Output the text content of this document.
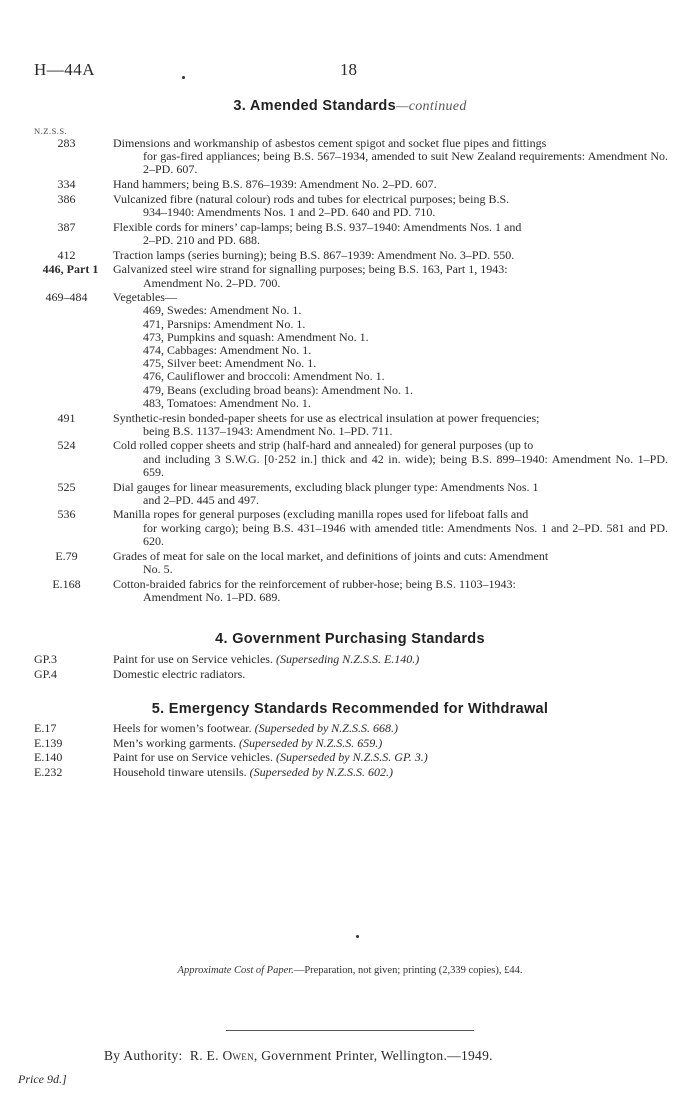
H—44A	18
3. Amended Standards—continued
N.Z.S.S.
283	Dimensions and workmanship of asbestos cement spigot and socket flue pipes and fittings
for gas-fired appliances; being B.S. 567–1934, amended to suit New Zealand requirements: Amendment No. 2–PD. 607.
334	Hand hammers; being B.S. 876–1939: Amendment No. 2–PD. 607.
386	Vulcanized fibre (natural colour) rods and tubes for electrical purposes; being B.S.
934–1940: Amendments Nos. 1 and 2–PD. 640 and PD. 710.
387	Flexible cords for miners’ cap-lamps; being B.S. 937–1940: Amendments Nos. 1 and
2–PD. 210 and PD. 688.
412	Traction lamps (series burning); being B.S. 867–1939: Amendment No. 3–PD. 550.
446, Part 1	Galvanized steel wire strand for signalling purposes; being B.S. 163, Part 1, 1943:
Amendment No. 2–PD. 700.
469–484	Vegetables—
469, Swedes: Amendment No. 1.
471, Parsnips: Amendment No. 1.
473, Pumpkins and squash: Amendment No. 1.
474, Cabbages: Amendment No. 1.
475, Silver beet: Amendment No. 1.
476, Cauliflower and broccoli: Amendment No. 1.
479, Beans (excluding broad beans): Amendment No. 1.
483, Tomatoes: Amendment No. 1.
491	Synthetic-resin bonded-paper sheets for use as electrical insulation at power frequencies;
being B.S. 1137–1943: Amendment No. 1–PD. 711.
524	Cold rolled copper sheets and strip (half-hard and annealed) for general purposes (up to
and including 3 S.W.G. [0·252 in.] thick and 42 in. wide); being B.S. 899–1940: Amendment No. 1–PD. 659.
525	Dial gauges for linear measurements, excluding black plunger type: Amendments Nos. 1
and 2–PD. 445 and 497.
536	Manilla ropes for general purposes (excluding manilla ropes used for lifeboat falls and
for working cargo); being B.S. 431–1946 with amended title: Amendments Nos. 1 and 2–PD. 581 and PD. 620.
E.79	Grades of meat for sale on the local market, and definitions of joints and cuts: Amendment
No. 5.
E.168	Cotton-braided fabrics for the reinforcement of rubber-hose; being B.S. 1103–1943:
Amendment No. 1–PD. 689.
4. Government Purchasing Standards
GP.3	Paint for use on Service vehicles. (Superseding N.Z.S.S. E.140.)
GP.4	Domestic electric radiators.
5. Emergency Standards Recommended for Withdrawal
E.17	Heels for women’s footwear. (Superseded by N.Z.S.S. 668.)
E.139	Men’s working garments. (Superseded by N.Z.S.S. 659.)
E.140	Paint for use on Service vehicles. (Superseded by N.Z.S.S. GP. 3.)
E.232	Household tinware utensils. (Superseded by N.Z.S.S. 602.)
Approximate Cost of Paper.—Preparation, not given; printing (2,339 copies), £44.
By Authority: R. E. Owen, Government Printer, Wellington.—1949.
Price 9d.]
